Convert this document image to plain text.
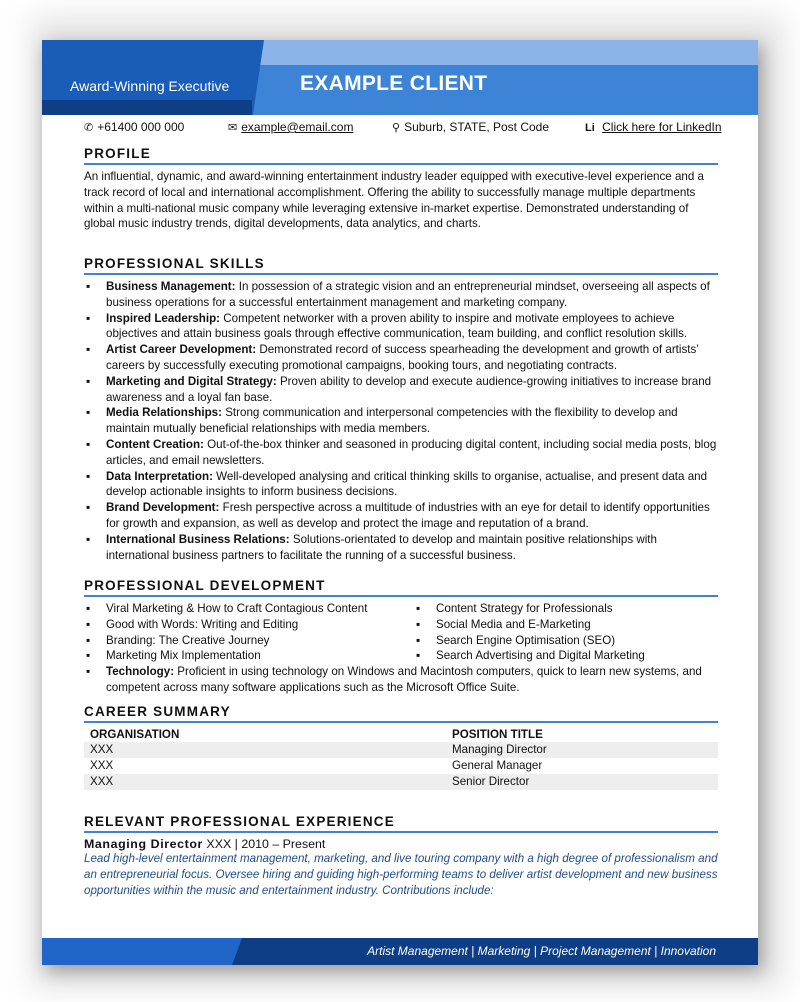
Award-Winning Executive	EXAMPLE CLIENT
✆ +61400 000 000	✉ example@email.com	⚲ Suburb, STATE, Post Code	Li Click here for LinkedIn
PROFILE
An influential, dynamic, and award-winning entertainment industry leader equipped with executive-level experience and a track record of local and international accomplishment. Offering the ability to successfully manage multiple departments within a multi-national music company while leveraging extensive in-market expertise. Demonstrated understanding of global music industry trends, digital developments, data analytics, and charts.
PROFESSIONAL SKILLS
▪ Business Management: In possession of a strategic vision and an entrepreneurial mindset, overseeing all aspects of business operations for a successful entertainment management and marketing company.
▪ Inspired Leadership: Competent networker with a proven ability to inspire and motivate employees to achieve objectives and attain business goals through effective communication, team building, and conflict resolution skills.
▪ Artist Career Development: Demonstrated record of success spearheading the development and growth of artists’ careers by successfully executing promotional campaigns, booking tours, and negotiating contracts.
▪ Marketing and Digital Strategy: Proven ability to develop and execute audience-growing initiatives to increase brand awareness and a loyal fan base.
▪ Media Relationships: Strong communication and interpersonal competencies with the flexibility to develop and maintain mutually beneficial relationships with media members.
▪ Content Creation: Out-of-the-box thinker and seasoned in producing digital content, including social media posts, blog articles, and email newsletters.
▪ Data Interpretation: Well-developed analysing and critical thinking skills to organise, actualise, and present data and develop actionable insights to inform business decisions.
▪ Brand Development: Fresh perspective across a multitude of industries with an eye for detail to identify opportunities for growth and expansion, as well as develop and protect the image and reputation of a brand.
▪ International Business Relations: Solutions-orientated to develop and maintain positive relationships with international business partners to facilitate the running of a successful business.
PROFESSIONAL DEVELOPMENT
▪ Viral Marketing & How to Craft Contagious Content
▪ Good with Words: Writing and Editing
▪ Branding: The Creative Journey
▪ Marketing Mix Implementation
▪ Content Strategy for Professionals
▪ Social Media and E-Marketing
▪ Search Engine Optimisation (SEO)
▪ Search Advertising and Digital Marketing
▪ Technology: Proficient in using technology on Windows and Macintosh computers, quick to learn new systems, and competent across many software applications such as the Microsoft Office Suite.
CAREER SUMMARY
ORGANISATION	POSITION TITLE
XXX	Managing Director
XXX	General Manager
XXX	Senior Director
RELEVANT PROFESSIONAL EXPERIENCE
Managing Director XXX | 2010 – Present
Lead high-level entertainment management, marketing, and live touring company with a high degree of professionalism and an entrepreneurial focus. Oversee hiring and guiding high-performing teams to deliver artist development and new business opportunities within the music and entertainment industry. Contributions include:
Artist Management | Marketing | Project Management | Innovation
